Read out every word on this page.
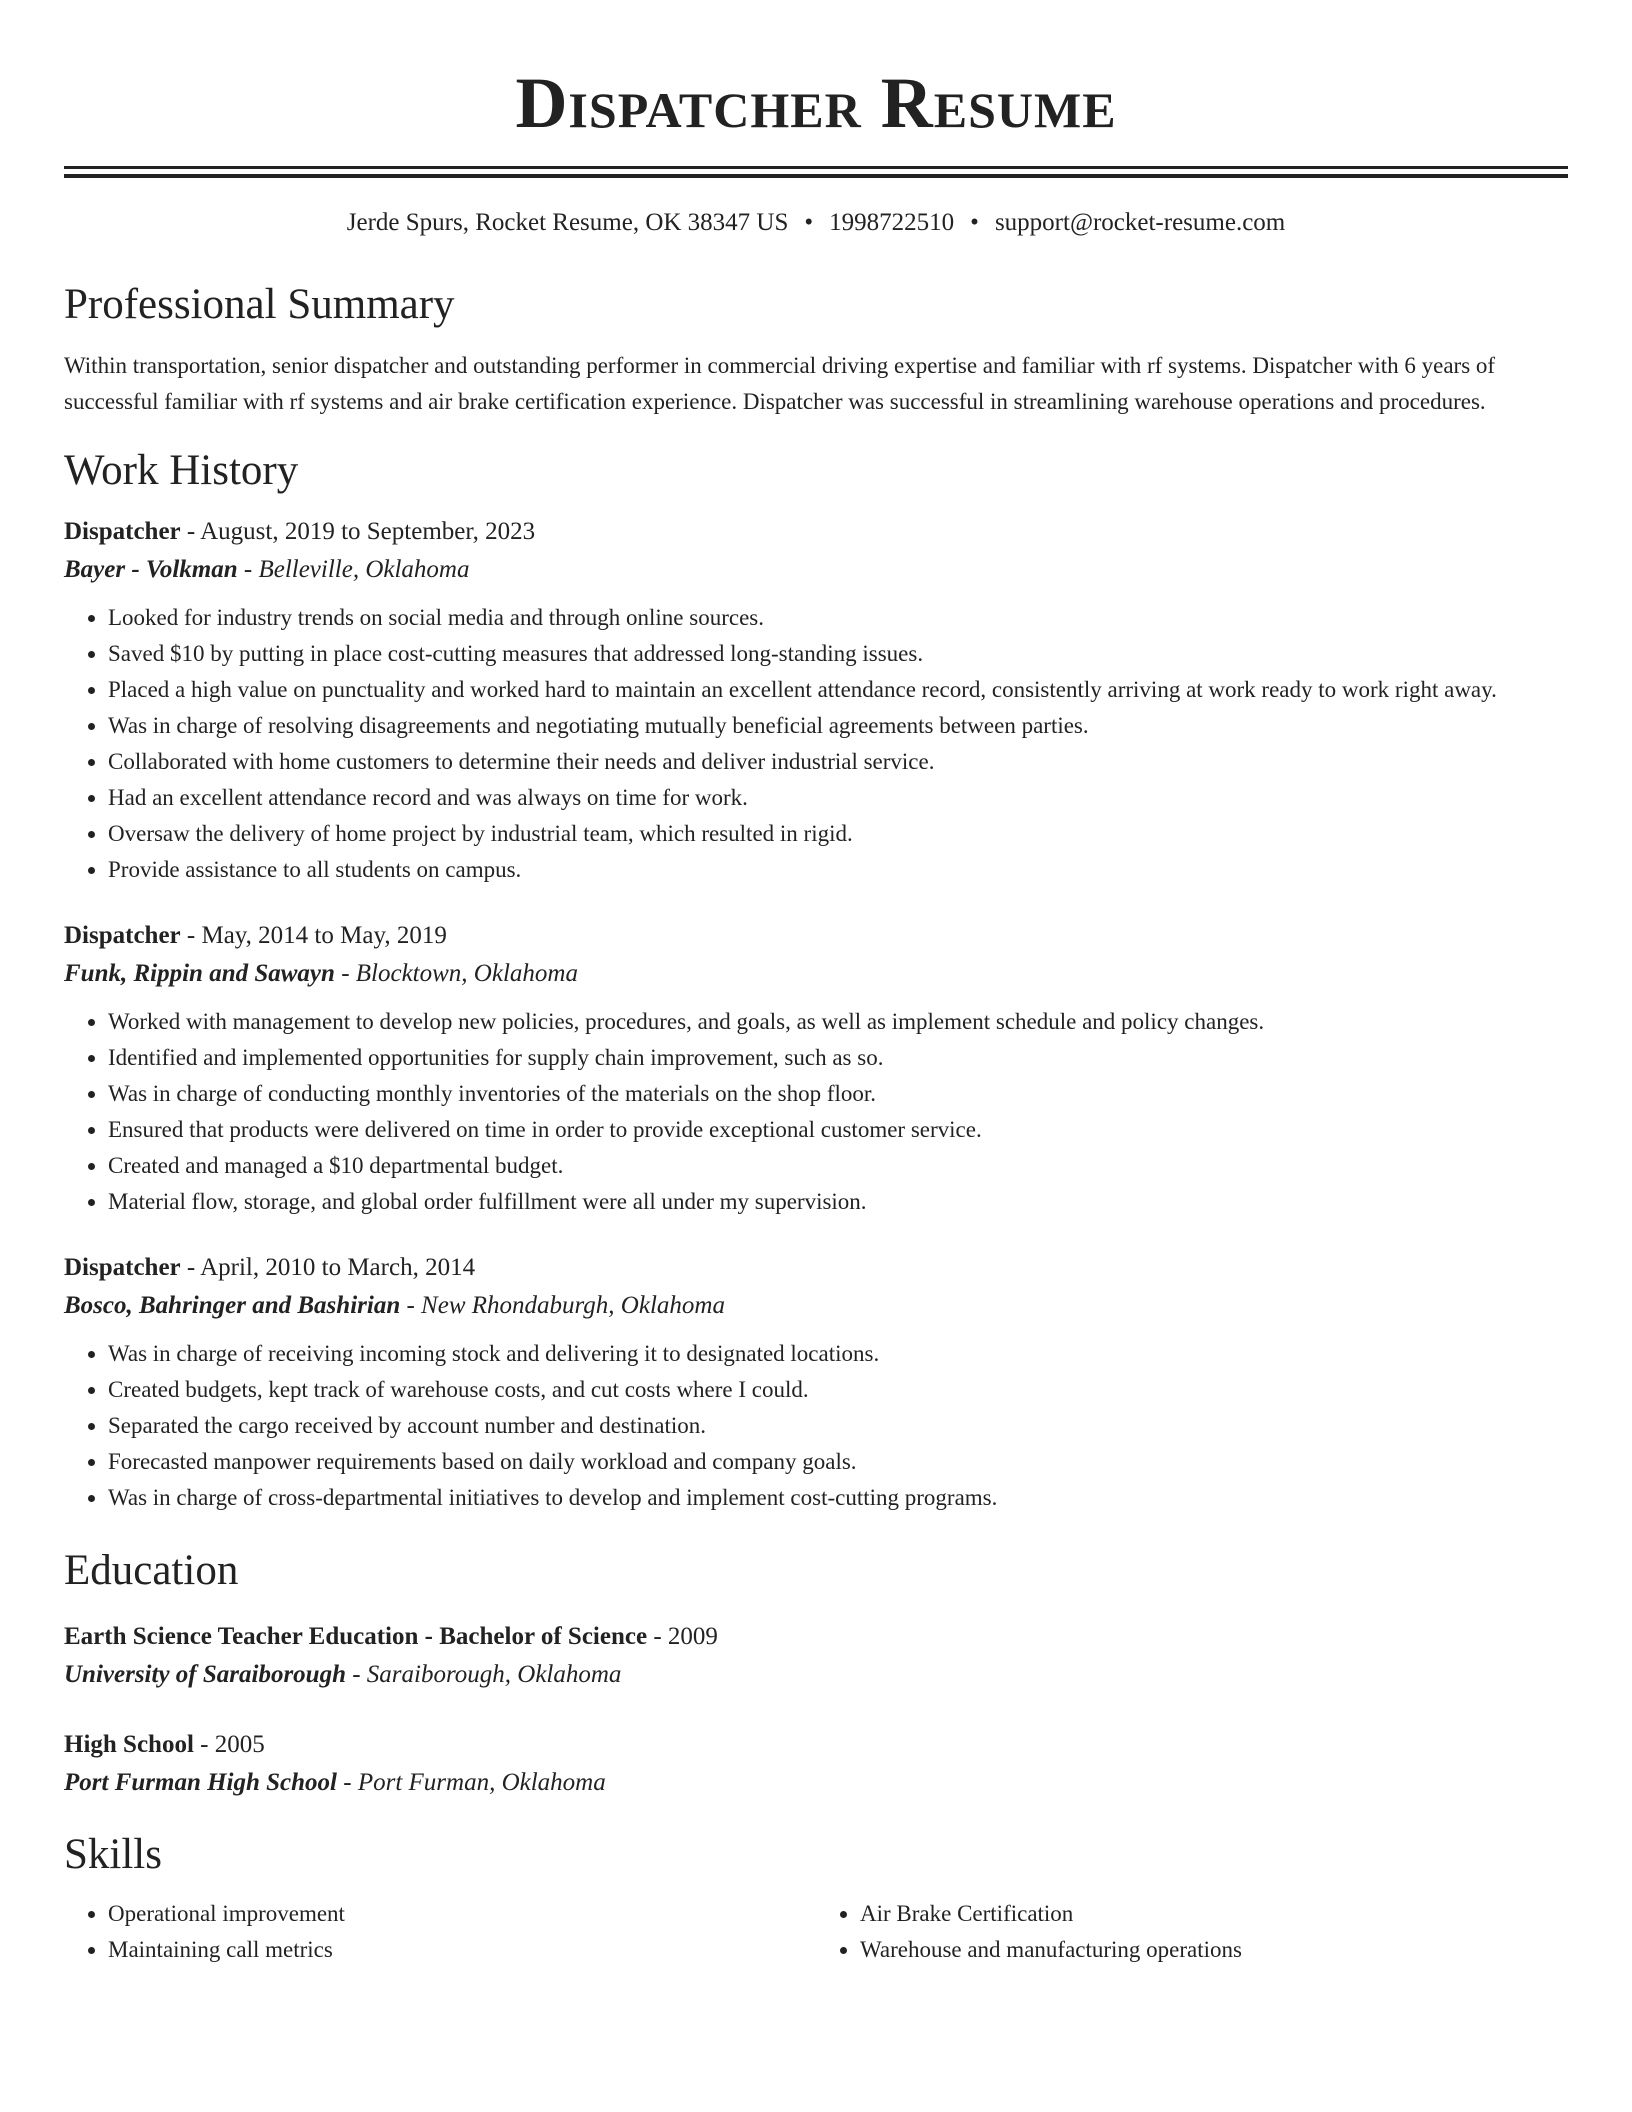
Dispatcher Resume
Jerde Spurs, Rocket Resume, OK 38347 US • 1998722510 • support@rocket-resume.com
Professional Summary

Within transportation, senior dispatcher and outstanding performer in commercial driving expertise and familiar with rf systems. Dispatcher with 6 years of successful familiar with rf systems and air brake certification experience. Dispatcher was successful in streamlining warehouse operations and procedures.

Work History
Dispatcher - August, 2019 to September, 2023
Bayer - Volkman - Belleville, Oklahoma
• Looked for industry trends on social media and through online sources.
• Saved $10 by putting in place cost-cutting measures that addressed long-standing issues.
• Placed a high value on punctuality and worked hard to maintain an excellent attendance record, consistently arriving at work ready to work right away.
• Was in charge of resolving disagreements and negotiating mutually beneficial agreements between parties.
• Collaborated with home customers to determine their needs and deliver industrial service.
• Had an excellent attendance record and was always on time for work.
• Oversaw the delivery of home project by industrial team, which resulted in rigid.
• Provide assistance to all students on campus.
Dispatcher - May, 2014 to May, 2019
Funk, Rippin and Sawayn - Blocktown, Oklahoma
• Worked with management to develop new policies, procedures, and goals, as well as implement schedule and policy changes.
• Identified and implemented opportunities for supply chain improvement, such as so.
• Was in charge of conducting monthly inventories of the materials on the shop floor.
• Ensured that products were delivered on time in order to provide exceptional customer service.
• Created and managed a $10 departmental budget.
• Material flow, storage, and global order fulfillment were all under my supervision.
Dispatcher - April, 2010 to March, 2014
Bosco, Bahringer and Bashirian - New Rhondaburgh, Oklahoma
• Was in charge of receiving incoming stock and delivering it to designated locations.
• Created budgets, kept track of warehouse costs, and cut costs where I could.
• Separated the cargo received by account number and destination.
• Forecasted manpower requirements based on daily workload and company goals.
• Was in charge of cross-departmental initiatives to develop and implement cost-cutting programs.
Education
Earth Science Teacher Education - Bachelor of Science - 2009
University of Saraiborough - Saraiborough, Oklahoma
High School - 2005
Port Furman High School - Port Furman, Oklahoma
Skills
• Operational improvement
• Maintaining call metrics
• Air Brake Certification
• Warehouse and manufacturing operations
